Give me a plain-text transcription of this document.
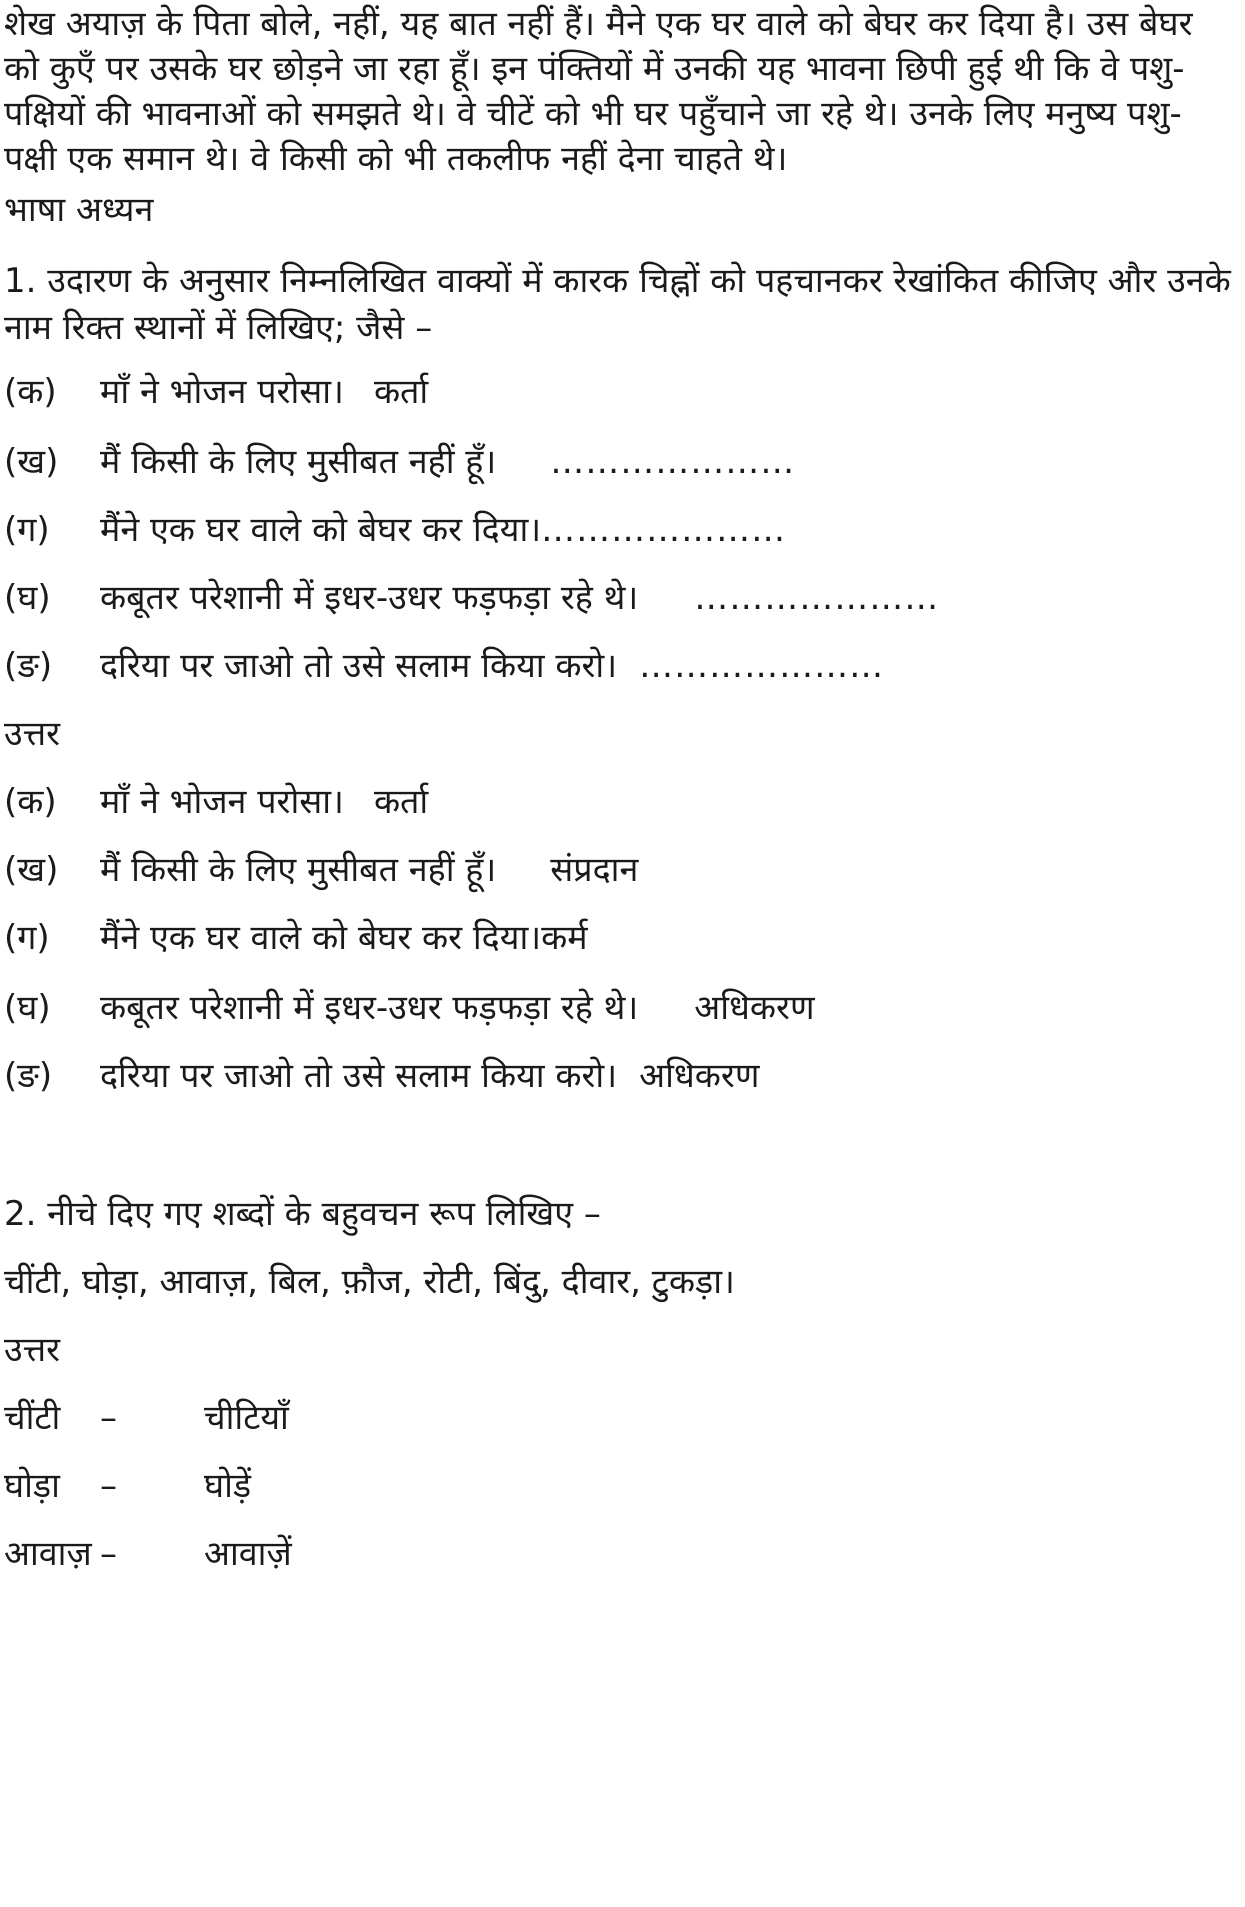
शेख अयाज़ के पिता बोले, नहीं, यह बात नहीं हैं। मैने एक घर वाले को बेघर कर दिया है। उस बेघर को कुएँ पर उसके घर छोड़ने जा रहा हूँ। इन पंक्तियों में उनकी यह भावना छिपी हुई थी कि वे पशु-पक्षियों की भावनाओं को समझते थे। वे चीटें को भी घर पहुँचाने जा रहे थे। उनके लिए मनुष्य पशु-पक्षी एक समान थे। वे किसी को भी तकलीफ नहीं देना चाहते थे।

भाषा अध्यन
1. उदारण के अनुसार निम्नलिखित वाक्यों में कारक चिह्नों को पहचानकर रेखांकित कीजिए और उनके नाम रिक्त स्थानों में लिखिए; जैसे –
(क) माँ ने भोजन परोसा। कर्ता
(ख) मैं किसी के लिए मुसीबत नहीं हूँ। …………………
(ग) मैंने एक घर वाले को बेघर कर दिया।…………………
(घ) कबूतर परेशानी में इधर-उधर फड़फड़ा रहे थे। …………………
(ङ) दरिया पर जाओ तो उसे सलाम किया करो। …………………
उत्तर
(क) माँ ने भोजन परोसा। कर्ता
(ख) मैं किसी के लिए मुसीबत नहीं हूँ। संप्रदान
(ग) मैंने एक घर वाले को बेघर कर दिया।कर्म
(घ) कबूतर परेशानी में इधर-उधर फड़फड़ा रहे थे। अधिकरण
(ङ) दरिया पर जाओ तो उसे सलाम किया करो। अधिकरण
2. नीचे दिए गए शब्दों के बहुवचन रूप लिखिए –
चींटी, घोड़ा, आवाज़, बिल, फ़ौज, रोटी, बिंदु, दीवार, टुकड़ा।
उत्तर
चींटी –	चीटियाँ
घोड़ा –	घोड़ें
आवाज़ –	आवाज़ें
